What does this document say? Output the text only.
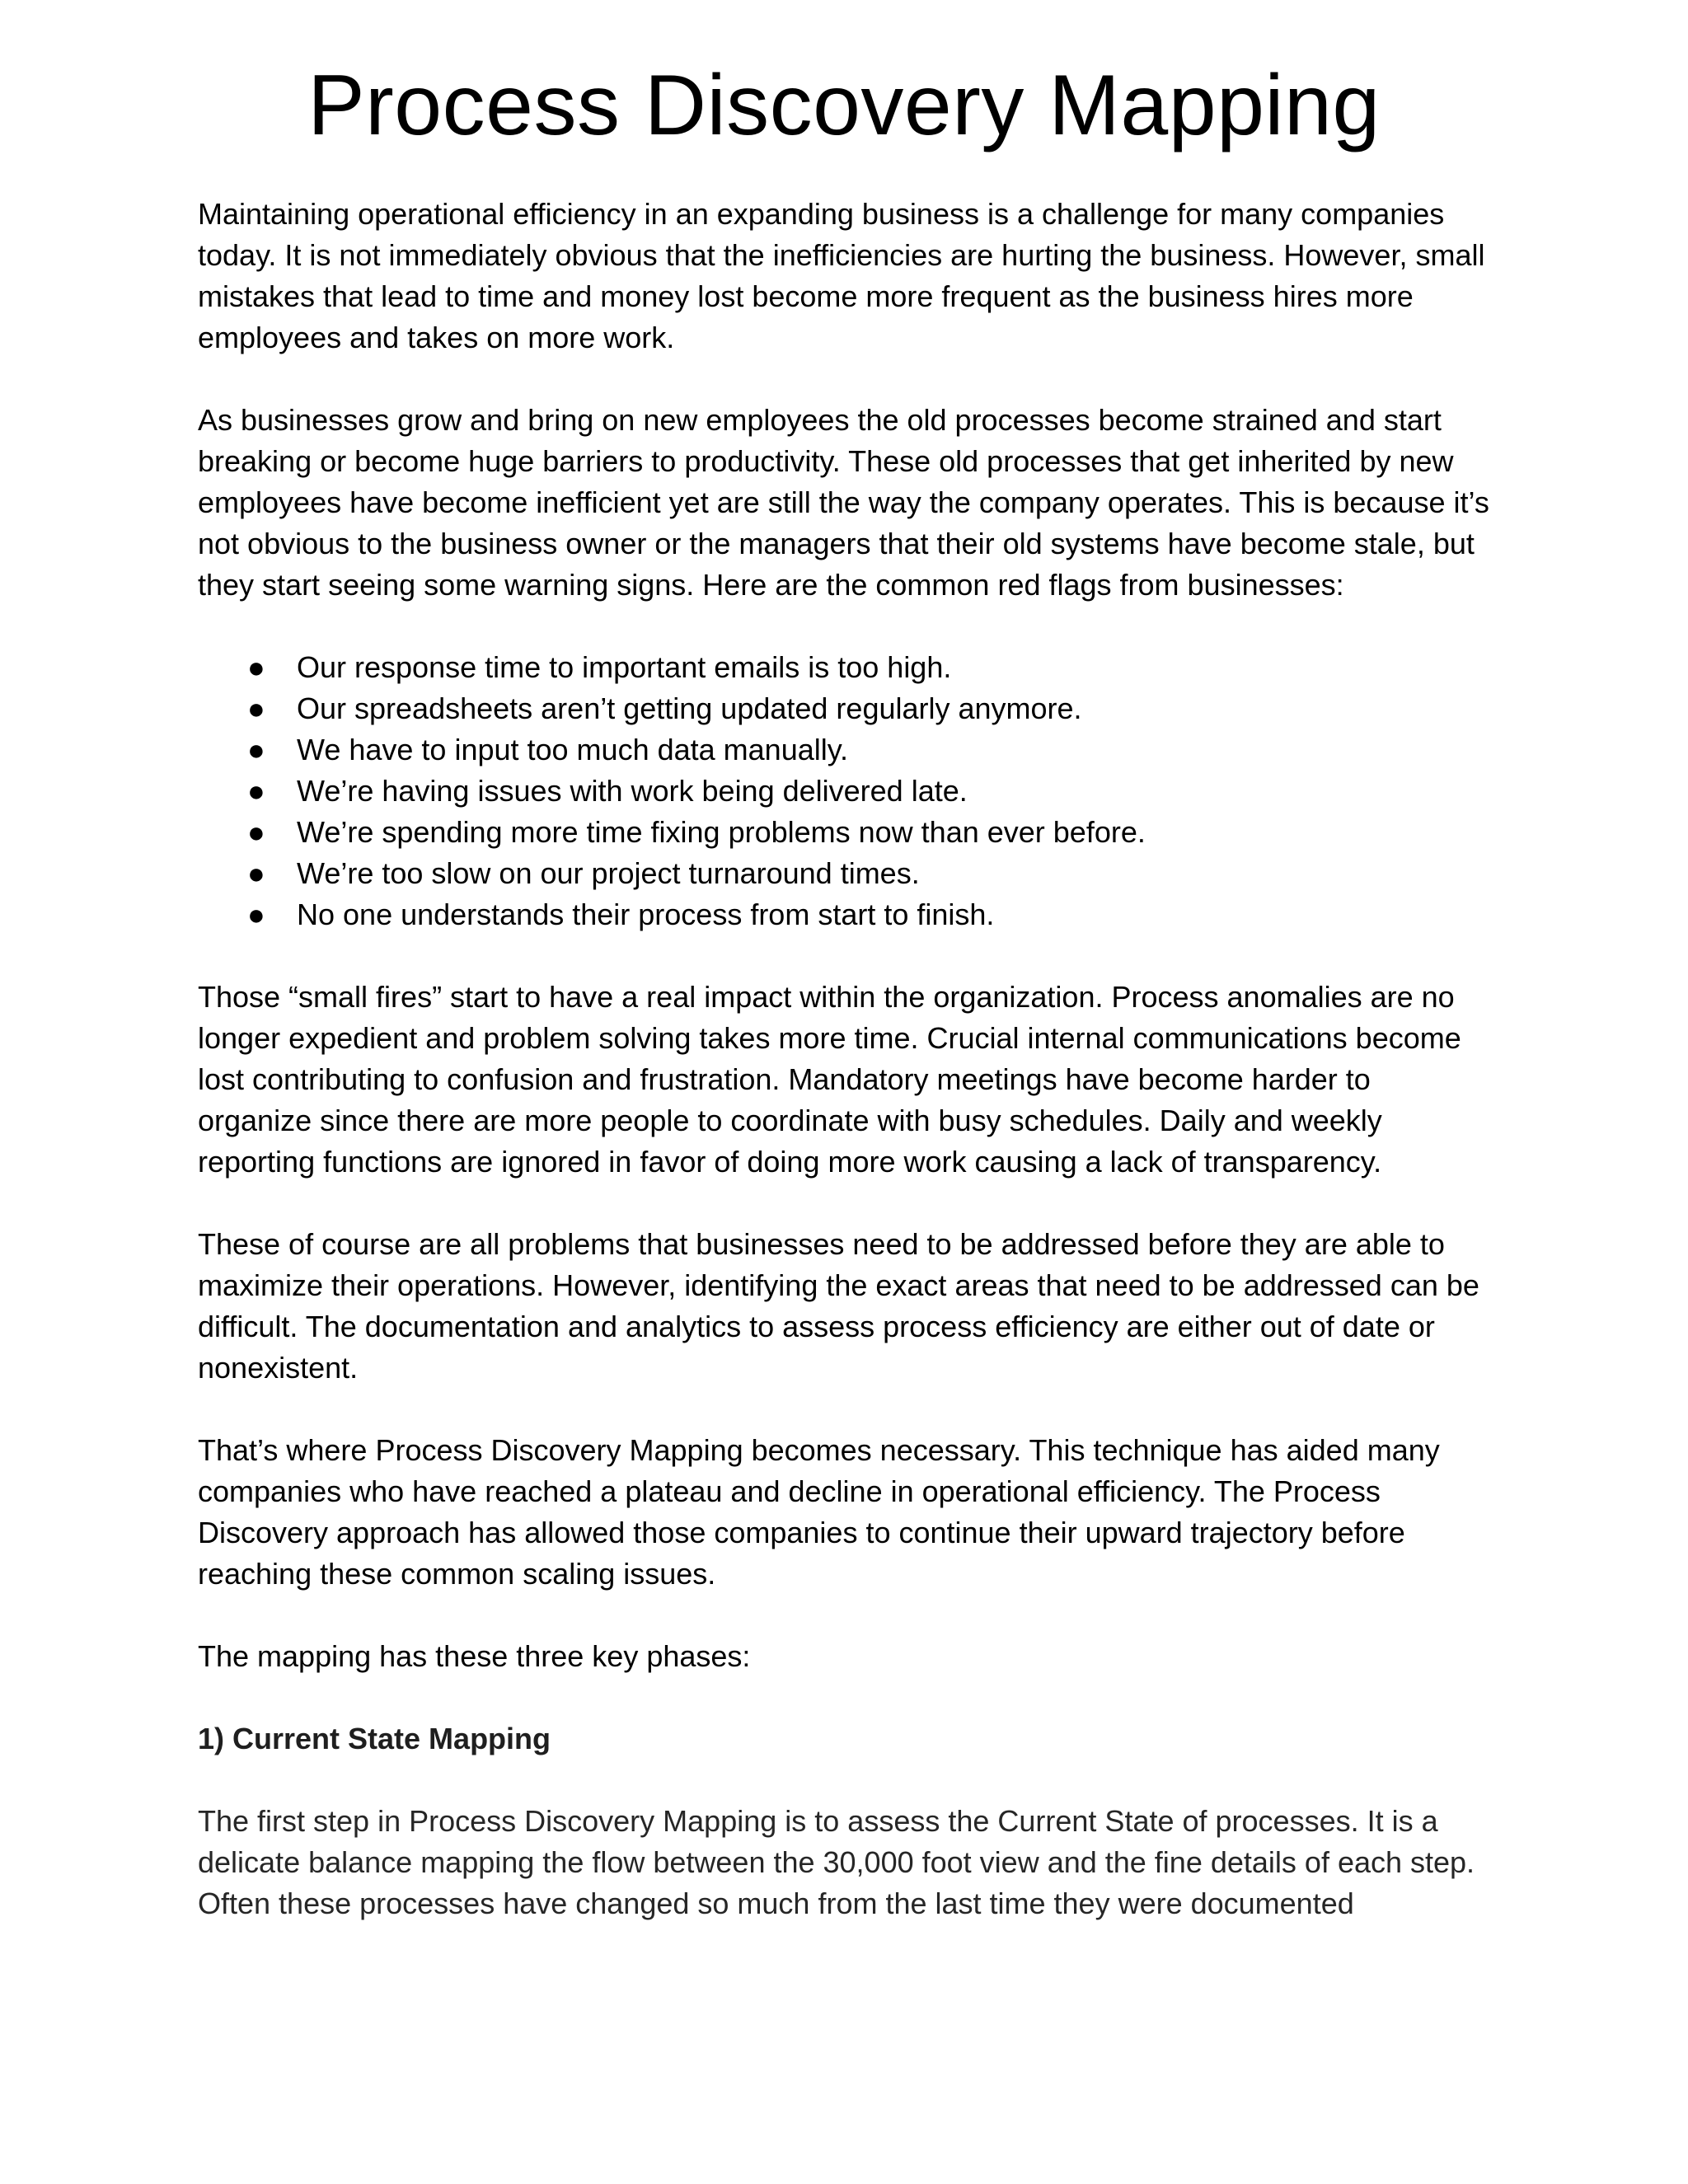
Process Discovery Mapping

Maintaining operational efficiency in an expanding business is a challenge for many companies today. It is not immediately obvious that the inefficiencies are hurting the business. However, small mistakes that lead to time and money lost become more frequent as the business hires more employees and takes on more work.

As businesses grow and bring on new employees the old processes become strained and start breaking or become huge barriers to productivity. These old processes that get inherited by new employees have become inefficient yet are still the way the company operates. This is because it’s not obvious to the business owner or the managers that their old systems have become stale, but they start seeing some warning signs. Here are the common red flags from businesses:

● Our response time to important emails is too high.
● Our spreadsheets aren’t getting updated regularly anymore.
● We have to input too much data manually.
● We’re having issues with work being delivered late.
● We’re spending more time fixing problems now than ever before.
● We’re too slow on our project turnaround times.
● No one understands their process from start to finish.

Those “small fires” start to have a real impact within the organization. Process anomalies are no longer expedient and problem solving takes more time. Crucial internal communications become lost contributing to confusion and frustration. Mandatory meetings have become harder to organize since there are more people to coordinate with busy schedules. Daily and weekly reporting functions are ignored in favor of doing more work causing a lack of transparency.

These of course are all problems that businesses need to be addressed before they are able to maximize their operations. However, identifying the exact areas that need to be addressed can be difficult. The documentation and analytics to assess process efficiency are either out of date or nonexistent.

That’s where Process Discovery Mapping becomes necessary. This technique has aided many companies who have reached a plateau and decline in operational efficiency. The Process Discovery approach has allowed those companies to continue their upward trajectory before reaching these common scaling issues.

The mapping has these three key phases:

1) Current State Mapping

The first step in Process Discovery Mapping is to assess the Current State of processes. It is a delicate balance mapping the flow between the 30,000 foot view and the fine details of each step. Often these processes have changed so much from the last time they were documented
